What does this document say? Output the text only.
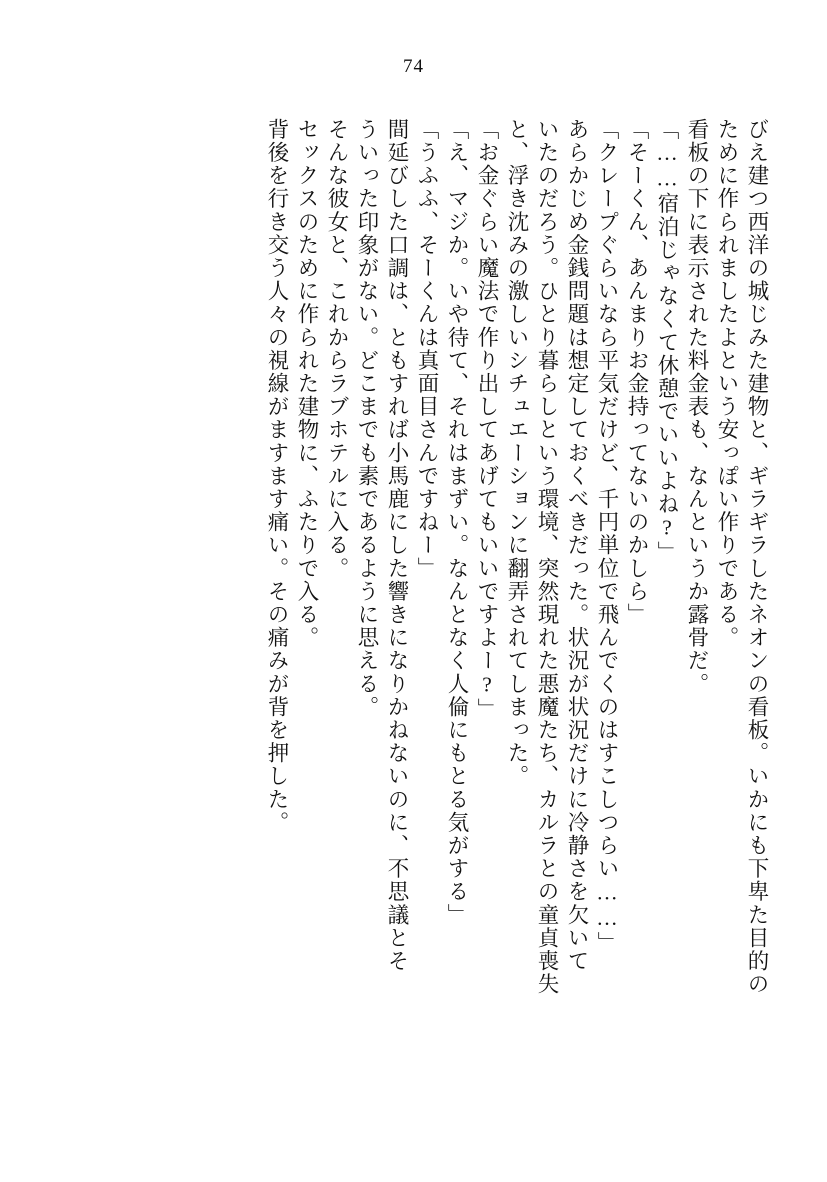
74
びえ建つ西洋の城じみた建物と、ギラギラしたネオンの看板。いかにも下卑た目的の
ために作られましたよという安っぽい作りである。
看板の下に表示された料金表も、なんというか露骨だ。
「……宿泊じゃなくて休憩でいいよね?」
「そーくん、あんまりお金持ってないのかしら」
「クレープぐらいなら平気だけど、千円単位で飛んでくのはすこしつらい……」
あらかじめ金銭問題は想定しておくべきだった。状況が状況だけに冷静さを欠いて
いたのだろう。ひとり暮らしという環境、突然現れた悪魔たち、カルラとの童貞喪失
と、浮き沈みの激しいシチュエーションに翻弄されてしまった。
「お金ぐらい魔法で作り出してあげてもいいですよー?」
「え、マジか。いや待て、それはまずい。なんとなく人倫にもとる気がする」
「うふふ、そーくんは真面目さんですねー」
間延びした口調は、ともすれば小馬鹿にした響きになりかねないのに、不思議とそ
ういった印象がない。どこまでも素であるように思える。
そんな彼女と、これからラブホテルに入る。
セックスのために作られた建物に、ふたりで入る。
背後を行き交う人々の視線がますます痛い。その痛みが背を押した。
